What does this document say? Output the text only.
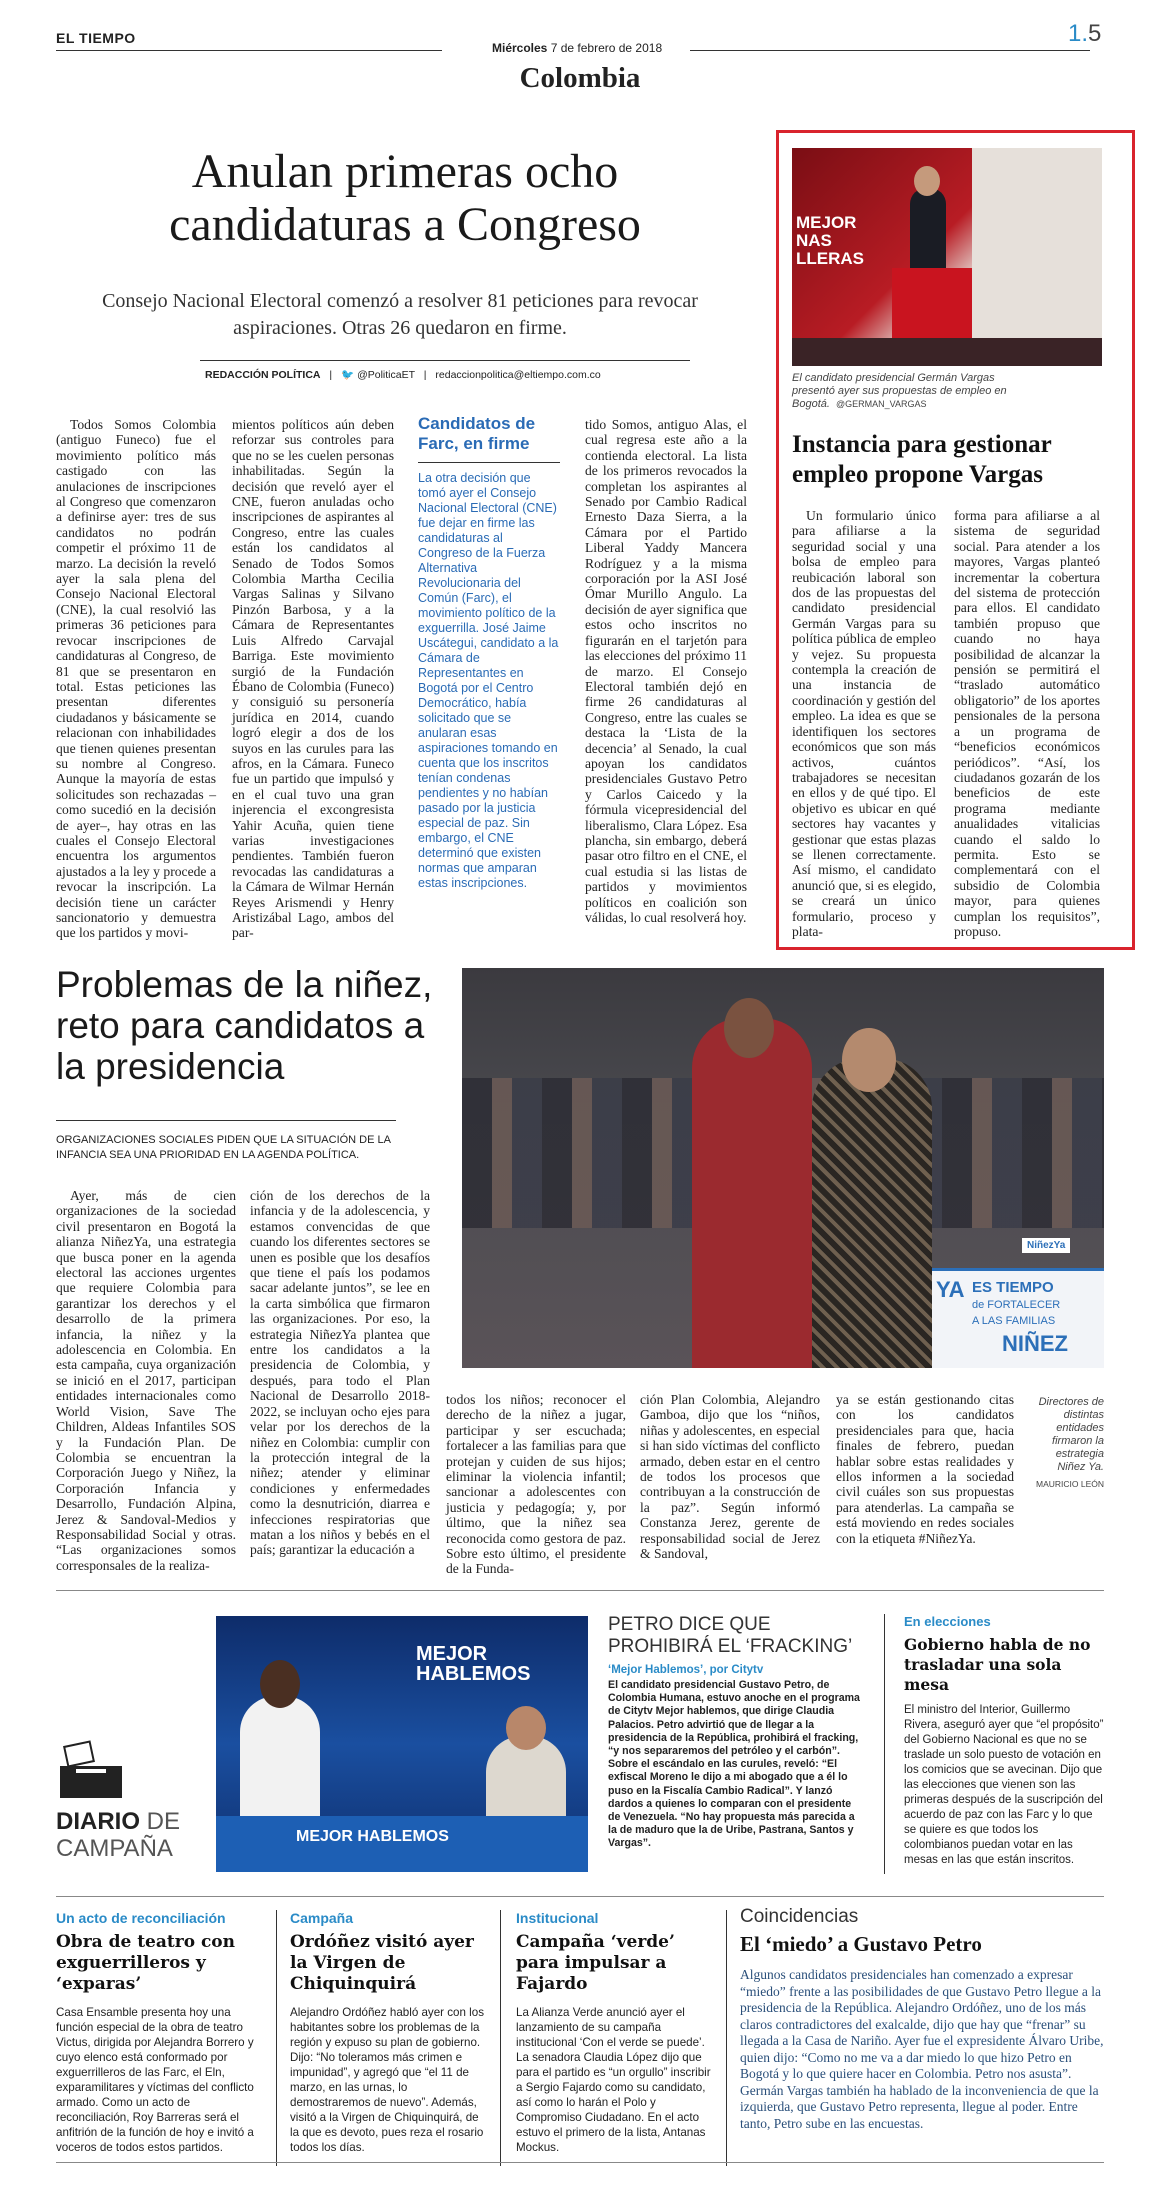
EL TIEMPO
Miércoles 7 de febrero de 2018
1.5
Colombia
Anulan primeras ocho candidaturas a Congreso
Consejo Nacional Electoral comenzó a resolver 81 peticiones para revocar aspiraciones. Otras 26 quedaron en firme.
REDACCIÓN POLÍTICA | 🐦 @PoliticaET | redaccionpolitica@eltiempo.com.co

Todos Somos Colombia (antiguo Funeco) fue el movimiento político más castigado con las anulaciones de inscripciones al Congreso que comenzaron a definirse ayer: tres de sus candidatos no podrán competir el próximo 11 de marzo. La decisión la reveló ayer la sala plena del Consejo Nacional Electoral (CNE), la cual resolvió las primeras 36 peticiones para revocar inscripciones de candidaturas al Congreso, de 81 que se presentaron en total. Estas peticiones las presentan diferentes ciudadanos y básicamente se relacionan con inhabilidades que tienen quienes presentan su nombre al Congreso. Aunque la mayoría de estas solicitudes son rechazadas –como sucedió en la decisión de ayer–, hay otras en las cuales el Consejo Electoral encuentra los argumentos ajustados a la ley y procede a revocar la inscripción. La decisión tiene un carácter sancionatorio y demuestra que los partidos y movi-

mientos políticos aún deben reforzar sus controles para que no se les cuelen personas inhabilitadas. Según la decisión que reveló ayer el CNE, fueron anuladas ocho inscripciones de aspirantes al Congreso, entre las cuales están los candidatos al Senado de Todos Somos Colombia Martha Cecilia Vargas Salinas y Silvano Pinzón Barbosa, y a la Cámara de Representantes Luis Alfredo Carvajal Barriga. Este movimiento surgió de la Fundación Ébano de Colombia (Funeco) y consiguió su personería jurídica en 2014, cuando logró elegir a dos de los suyos en las curules para las afros, en la Cámara. Funeco fue un partido que impulsó y en el cual tuvo una gran injerencia el excongresista Yahir Acuña, quien tiene varias investigaciones pendientes. También fueron revocadas las candidaturas a la Cámara de Wilmar Hernán Reyes Arismendi y Henry Aristizábal Lago, ambos del par-

Candidatos de Farc, en firme
La otra decisión que tomó ayer el Consejo Nacional Electoral (CNE) fue dejar en firme las candidaturas al Congreso de la Fuerza Alternativa Revolucionaria del Común (Farc), el movimiento político de la exguerrilla. José Jaime Uscátegui, candidato a la Cámara de Representantes en Bogotá por el Centro Democrático, había solicitado que se anularan esas aspiraciones tomando en cuenta que los inscritos tenían condenas pendientes y no habían pasado por la justicia especial de paz. Sin embargo, el CNE determinó que existen normas que amparan estas inscripciones.

tido Somos, antiguo Alas, el cual regresa este año a la contienda electoral. La lista de los primeros revocados la completan los aspirantes al Senado por Cambio Radical Ernesto Daza Sierra, a la Cámara por el Partido Liberal Yaddy Mancera Rodríguez y a la misma corporación por la ASI José Ómar Murillo Angulo. La decisión de ayer significa que estos ocho inscritos no figurarán en el tarjetón para las elecciones del próximo 11 de marzo. El Consejo Electoral también dejó en firme 26 candidaturas al Congreso, entre las cuales se destaca la ‘Lista de la decencia’ al Senado, la cual apoyan los candidatos presidenciales Gustavo Petro y Carlos Caicedo y la fórmula vicepresidencial del liberalismo, Clara López. Esa plancha, sin embargo, deberá pasar otro filtro en el CNE, el cual estudia si las listas de partidos y movimientos políticos en coalición son válidas, lo cual resolverá hoy.

MEJOR NAS LLERAS
El candidato presidencial Germán Vargas presentó ayer sus propuestas de empleo en Bogotá. @GERMAN_VARGAS
Instancia para gestionar empleo propone Vargas

Un formulario único para afiliarse a la seguridad social y una bolsa de empleo para reubicación laboral son dos de las propuestas del candidato presidencial Germán Vargas para su política pública de empleo y vejez. Su propuesta contempla la creación de una instancia de coordinación y gestión del empleo. La idea es que se identifiquen los sectores económicos que son más activos, cuántos trabajadores se necesitan en ellos y de qué tipo. El objetivo es ubicar en qué sectores hay vacantes y gestionar que estas plazas se llenen correctamente. Así mismo, el candidato anunció que, si es elegido, se creará un único formulario, proceso y plata-

forma para afiliarse a al sistema de seguridad social. Para atender a los mayores, Vargas planteó incrementar la cobertura del sistema de protección para ellos. El candidato también propuso que cuando no haya posibilidad de alcanzar la pensión se permitirá el “traslado automático obligatorio” de los aportes pensionales de la persona a un programa de “beneficios económicos periódicos”. “Así, los ciudadanos gozarán de los beneficios de este programa mediante anualidades vitalicias cuando el saldo lo permita. Esto se complementará con el subsidio de Colombia mayor, para quienes cumplan los requisitos”, propuso.

Problemas de la niñez, reto para candidatos a la presidencia
ORGANIZACIONES SOCIALES PIDEN QUE LA SITUACIÓN DE LA INFANCIA SEA UNA PRIORIDAD EN LA AGENDA POLÍTICA.
YA ES TIEMPO
de FORTALECER
A LAS FAMILIAS
NIÑEZ
NiñezYa

Ayer, más de cien organizaciones de la sociedad civil presentaron en Bogotá la alianza NiñezYa, una estrategia que busca poner en la agenda electoral las acciones urgentes que requiere Colombia para garantizar los derechos y el desarrollo de la primera infancia, la niñez y la adolescencia en Colombia. En esta campaña, cuya organización se inició en el 2017, participan entidades internacionales como World Vision, Save The Children, Aldeas Infantiles SOS y la Fundación Plan. De Colombia se encuentran la Corporación Juego y Niñez, la Corporación Infancia y Desarrollo, Fundación Alpina, Jerez & Sandoval-Medios y Responsabilidad Social y otras. “Las organizaciones somos corresponsales de la realiza-

ción de los derechos de la infancia y de la adolescencia, y estamos convencidas de que cuando los diferentes sectores se unen es posible que los desafíos que tiene el país los podamos sacar adelante juntos”, se lee en la carta simbólica que firmaron las organizaciones. Por eso, la estrategia NiñezYa plantea que entre los candidatos a la presidencia de Colombia, y después, para todo el Plan Nacional de Desarrollo 2018-2022, se incluyan ocho ejes para velar por los derechos de la niñez en Colombia: cumplir con la protección integral de la niñez; atender y eliminar condiciones y enfermedades como la desnutrición, diarrea e infecciones respiratorias que matan a los niños y bebés en el país; garantizar la educación a

todos los niños; reconocer el derecho de la niñez a jugar, participar y ser escuchada; fortalecer a las familias para que protejan y cuiden de sus hijos; eliminar la violencia infantil; sancionar a adolescentes con justicia y pedagogía; y, por último, que la niñez sea reconocida como gestora de paz. Sobre esto último, el presidente de la Funda-

ción Plan Colombia, Alejandro Gamboa, dijo que los “niños, niñas y adolescentes, en especial si han sido víctimas del conflicto armado, deben estar en el centro de todos los procesos que contribuyan a la construcción de la paz”. Según informó Constanza Jerez, gerente de responsabilidad social de Jerez & Sandoval,

ya se están gestionando citas con los candidatos presidenciales para que, hacia finales de febrero, puedan hablar sobre estas realidades y ellos informen a la sociedad civil cuáles son sus propuestas para atenderlas. La campaña se está moviendo en redes sociales con la etiqueta #NiñezYa.

Directores de distintas entidades firmaron la estrategia Niñez Ya.
MAURICIO LEÓN
DIARIO DE
CAMPAÑA
MEJOR HABLEMOS
MEJOR HABLEMOS
PETRO DICE QUE PROHIBIRÁ EL ‘FRACKING’
‘Mejor Hablemos’, por Citytv
El candidato presidencial Gustavo Petro, de Colombia Humana, estuvo anoche en el programa de Citytv Mejor hablemos, que dirige Claudia Palacios. Petro advirtió que de llegar a la presidencia de la República, prohibirá el fracking, “y nos separaremos del petróleo y el carbón”. Sobre el escándalo en las curules, reveló: “El exfiscal Moreno le dijo a mi abogado que a él lo puso en la Fiscalía Cambio Radical”. Y lanzó dardos a quienes lo comparan con el presidente de Venezuela. “No hay propuesta más parecida a la de maduro que la de Uribe, Pastrana, Santos y Vargas”.
En elecciones
Gobierno habla de no trasladar una sola mesa
El ministro del Interior, Guillermo Rivera, aseguró ayer que “el propósito” del Gobierno Nacional es que no se traslade un solo puesto de votación en los comicios que se avecinan. Dijo que las elecciones que vienen son las primeras después de la suscripción del acuerdo de paz con las Farc y lo que se quiere es que todos los colombianos puedan votar en las mesas en las que están inscritos.
Un acto de reconciliación
Obra de teatro con exguerrilleros y ‘exparas’
Casa Ensamble presenta hoy una función especial de la obra de teatro Victus, dirigida por Alejandra Borrero y cuyo elenco está conformado por exguerrilleros de las Farc, el Eln, exparamilitares y víctimas del conflicto armado. Como un acto de reconciliación, Roy Barreras será el anfitrión de la función de hoy e invitó a voceros de todos estos partidos.
Campaña
Ordóñez visitó ayer la Virgen de Chiquinquirá
Alejandro Ordóñez habló ayer con los habitantes sobre los problemas de la región y expuso su plan de gobierno. Dijo: “No toleramos más crimen e impunidad”, y agregó que “el 11 de marzo, en las urnas, lo demostraremos de nuevo”. Además, visitó a la Virgen de Chiquinquirá, de la que es devoto, pues reza el rosario todos los días.
Institucional
Campaña ‘verde’ para impulsar a Fajardo
La Alianza Verde anunció ayer el lanzamiento de su campaña institucional ‘Con el verde se puede’. La senadora Claudia López dijo que para el partido es “un orgullo” inscribir a Sergio Fajardo como su candidato, así como lo harán el Polo y Compromiso Ciudadano. En el acto estuvo el primero de la lista, Antanas Mockus.
Coincidencias
El ‘miedo’ a Gustavo Petro
Algunos candidatos presidenciales han comenzado a expresar “miedo” frente a las posibilidades de que Gustavo Petro llegue a la presidencia de la República. Alejandro Ordóñez, uno de los más claros contradictores del exalcalde, dijo que hay que “frenar” su llegada a la Casa de Nariño. Ayer fue el expresidente Álvaro Uribe, quien dijo: “Como no me va a dar miedo lo que hizo Petro en Bogotá y lo que quiere hacer en Colombia. Petro nos asusta”. Germán Vargas también ha hablado de la inconveniencia de que la izquierda, que Gustavo Petro representa, llegue al poder. Entre tanto, Petro sube en las encuestas.
